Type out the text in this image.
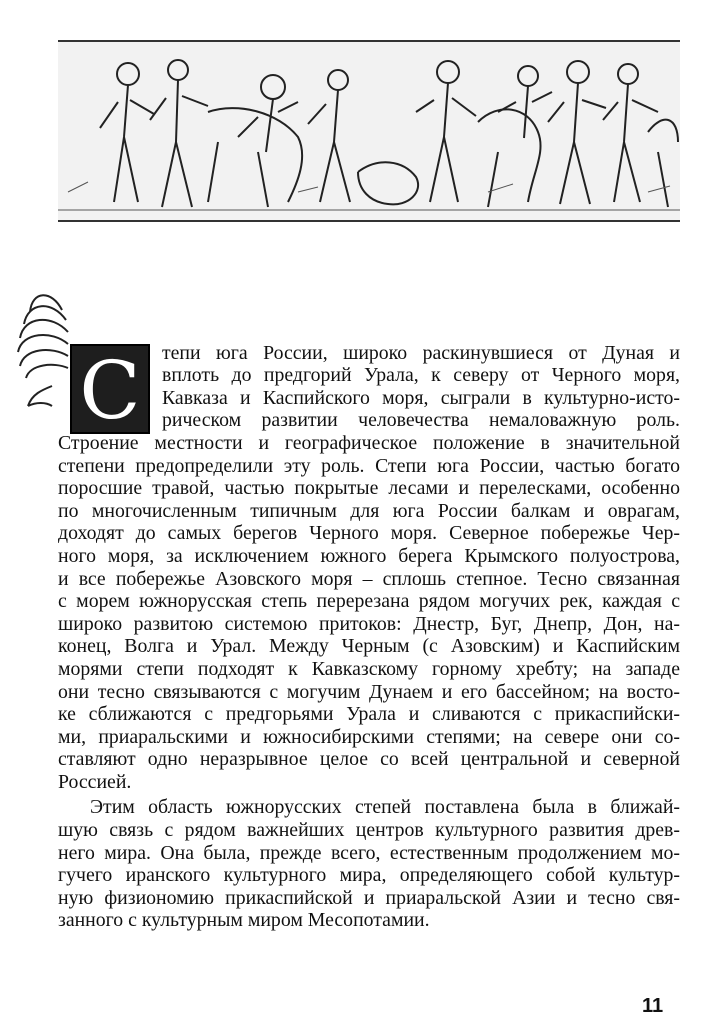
С	тепи юга России, широко раскинувшиеся от Дуная и
вплоть до предгорий Урала, к северу от Черного моря,
Кавказа и Каспийского моря, сыграли в культурно-исто-
рическом развитии человечества немаловажную роль.
Строение местности и географическое положение в значительной
степени предопределили эту роль. Степи юга России, частью богато
поросшие травой, частью покрытые лесами и перелесками, особенно
по многочисленным типичным для юга России балкам и оврагам,
доходят до самых берегов Черного моря. Северное побережье Чер-
ного моря, за исключением южного берега Крымского полуострова,
и все побережье Азовского моря – сплошь степное. Тесно связанная
с морем южнорусская степь перерезана рядом могучих рек, каждая с
широко развитою системою притоков: Днестр, Буг, Днепр, Дон, на-
конец, Волга и Урал. Между Черным (с Азовским) и Каспийским
морями степи подходят к Кавказскому горному хребту; на западе
они тесно связываются с могучим Дунаем и его бассейном; на восто-
ке сближаются с предгорьями Урала и сливаются с прикаспийски-
ми, приаральскими и южносибирскими степями; на севере они со-
ставляют одно неразрывное целое со всей центральной и северной
Россией.
Этим область южнорусских степей поставлена была в ближай-
шую связь с рядом важнейших центров культурного развития древ-
него мира. Она была, прежде всего, естественным продолжением мо-
гучего иранского культурного мира, определяющего собой культур-
ную физиономию прикаспийской и приаральской Азии и тесно свя-
занного с культурным миром Месопотамии.
11
